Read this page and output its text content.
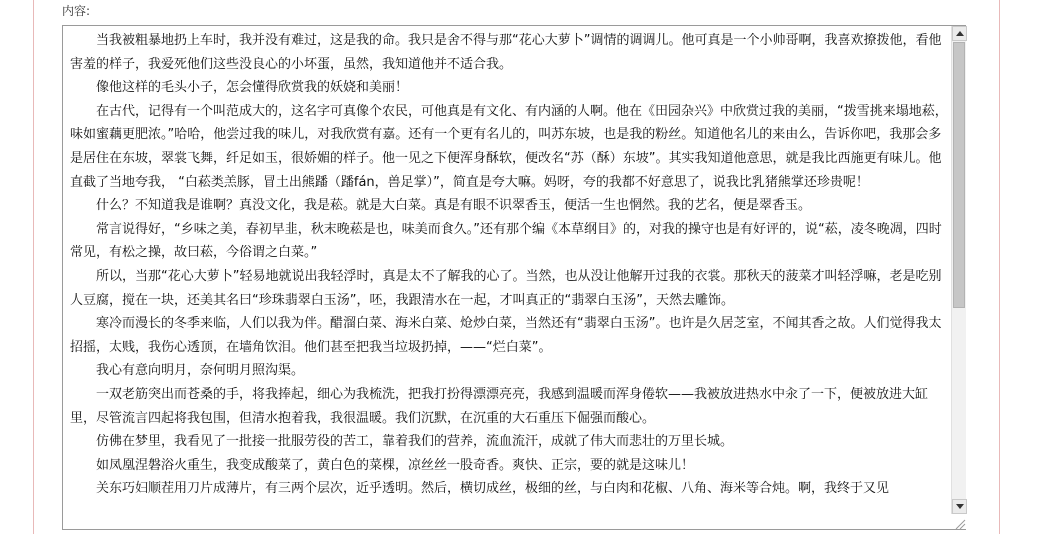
内容:

当我被粗暴地扔上车时，我并没有难过，这是我的命。我只是舍不得与那“花心大萝卜”调情的调调儿。他可真是一个小帅哥啊，我喜欢撩拨他，看他害羞的样子，我爱死他们这些没良心的小坏蛋，虽然，我知道他并不适合我。

像他这样的毛头小子，怎会懂得欣赏我的妖娆和美丽！

在古代，记得有一个叫范成大的，这名字可真像个农民，可他真是有文化、有内涵的人啊。他在《田园杂兴》中欣赏过我的美丽，“拨雪挑来塌地菘，味如蜜藕更肥浓。”哈哈，他尝过我的味儿，对我欣赏有嘉。还有一个更有名儿的，叫苏东坡，也是我的粉丝。知道他名儿的来由么，告诉你吧，我那会多是居住在东坡，翠裳飞舞，纤足如玉，很娇媚的样子。他一见之下便浑身酥软，便改名“苏（酥）东坡”。其实我知道他意思，就是我比西施更有味儿。他直截了当地夸我， “白菘类羔豚，冒土出熊蹯（蹯fán，兽足掌）”，简直是夸大嘛。妈呀，夸的我都不好意思了，说我比乳猪熊掌还珍贵呢！

什么？不知道我是谁啊？真没文化，我是菘。就是大白菜。真是有眼不识翠香玉，便活一生也惘然。我的艺名，便是翠香玉。

常言说得好，“乡味之美，春初早韭，秋末晚菘是也，味美而食久。”还有那个编《本草纲目》的，对我的操守也是有好评的，说“菘，凌冬晚凋，四时常见，有松之操，故曰菘，今俗谓之白菜。”

所以，当那“花心大萝卜”轻易地就说出我轻浮时，真是太不了解我的心了。当然，也从没让他解开过我的衣裳。那秋天的菠菜才叫轻浮嘛，老是吃别人豆腐，搅在一块，还美其名曰“珍珠翡翠白玉汤”，呸，我跟清水在一起，才叫真正的“翡翠白玉汤”，天然去雕饰。

寒冷而漫长的冬季来临，人们以我为伴。醋溜白菜、海米白菜、炝炒白菜，当然还有“翡翠白玉汤”。也许是久居芝室，不闻其香之故。人们觉得我太招摇，太贱，我伤心透顶，在墙角饮泪。他们甚至把我当垃圾扔掉，——“烂白菜”。

我心有意向明月，奈何明月照沟渠。

一双老筋突出而苍桑的手，将我捧起，细心为我梳洗，把我打扮得漂漂亮亮，我感到温暖而浑身倦软——我被放进热水中汆了一下，便被放进大缸里，尽管流言四起将我包围，但清水抱着我，我很温暖。我们沉默，在沉重的大石重压下倔强而酸心。

仿佛在梦里，我看见了一批接一批服劳役的苦工，靠着我们的营养，流血流汗，成就了伟大而悲壮的万里长城。

如凤凰涅磐浴火重生，我变成酸菜了，黄白色的菜棵，凉丝丝一股奇香。爽快、正宗，要的就是这味儿！

关东巧妇顺茬用刀片成薄片，有三两个层次，近乎透明。然后，横切成丝，极细的丝，与白肉和花椒、八角、海米等合炖。啊，我终于又见
